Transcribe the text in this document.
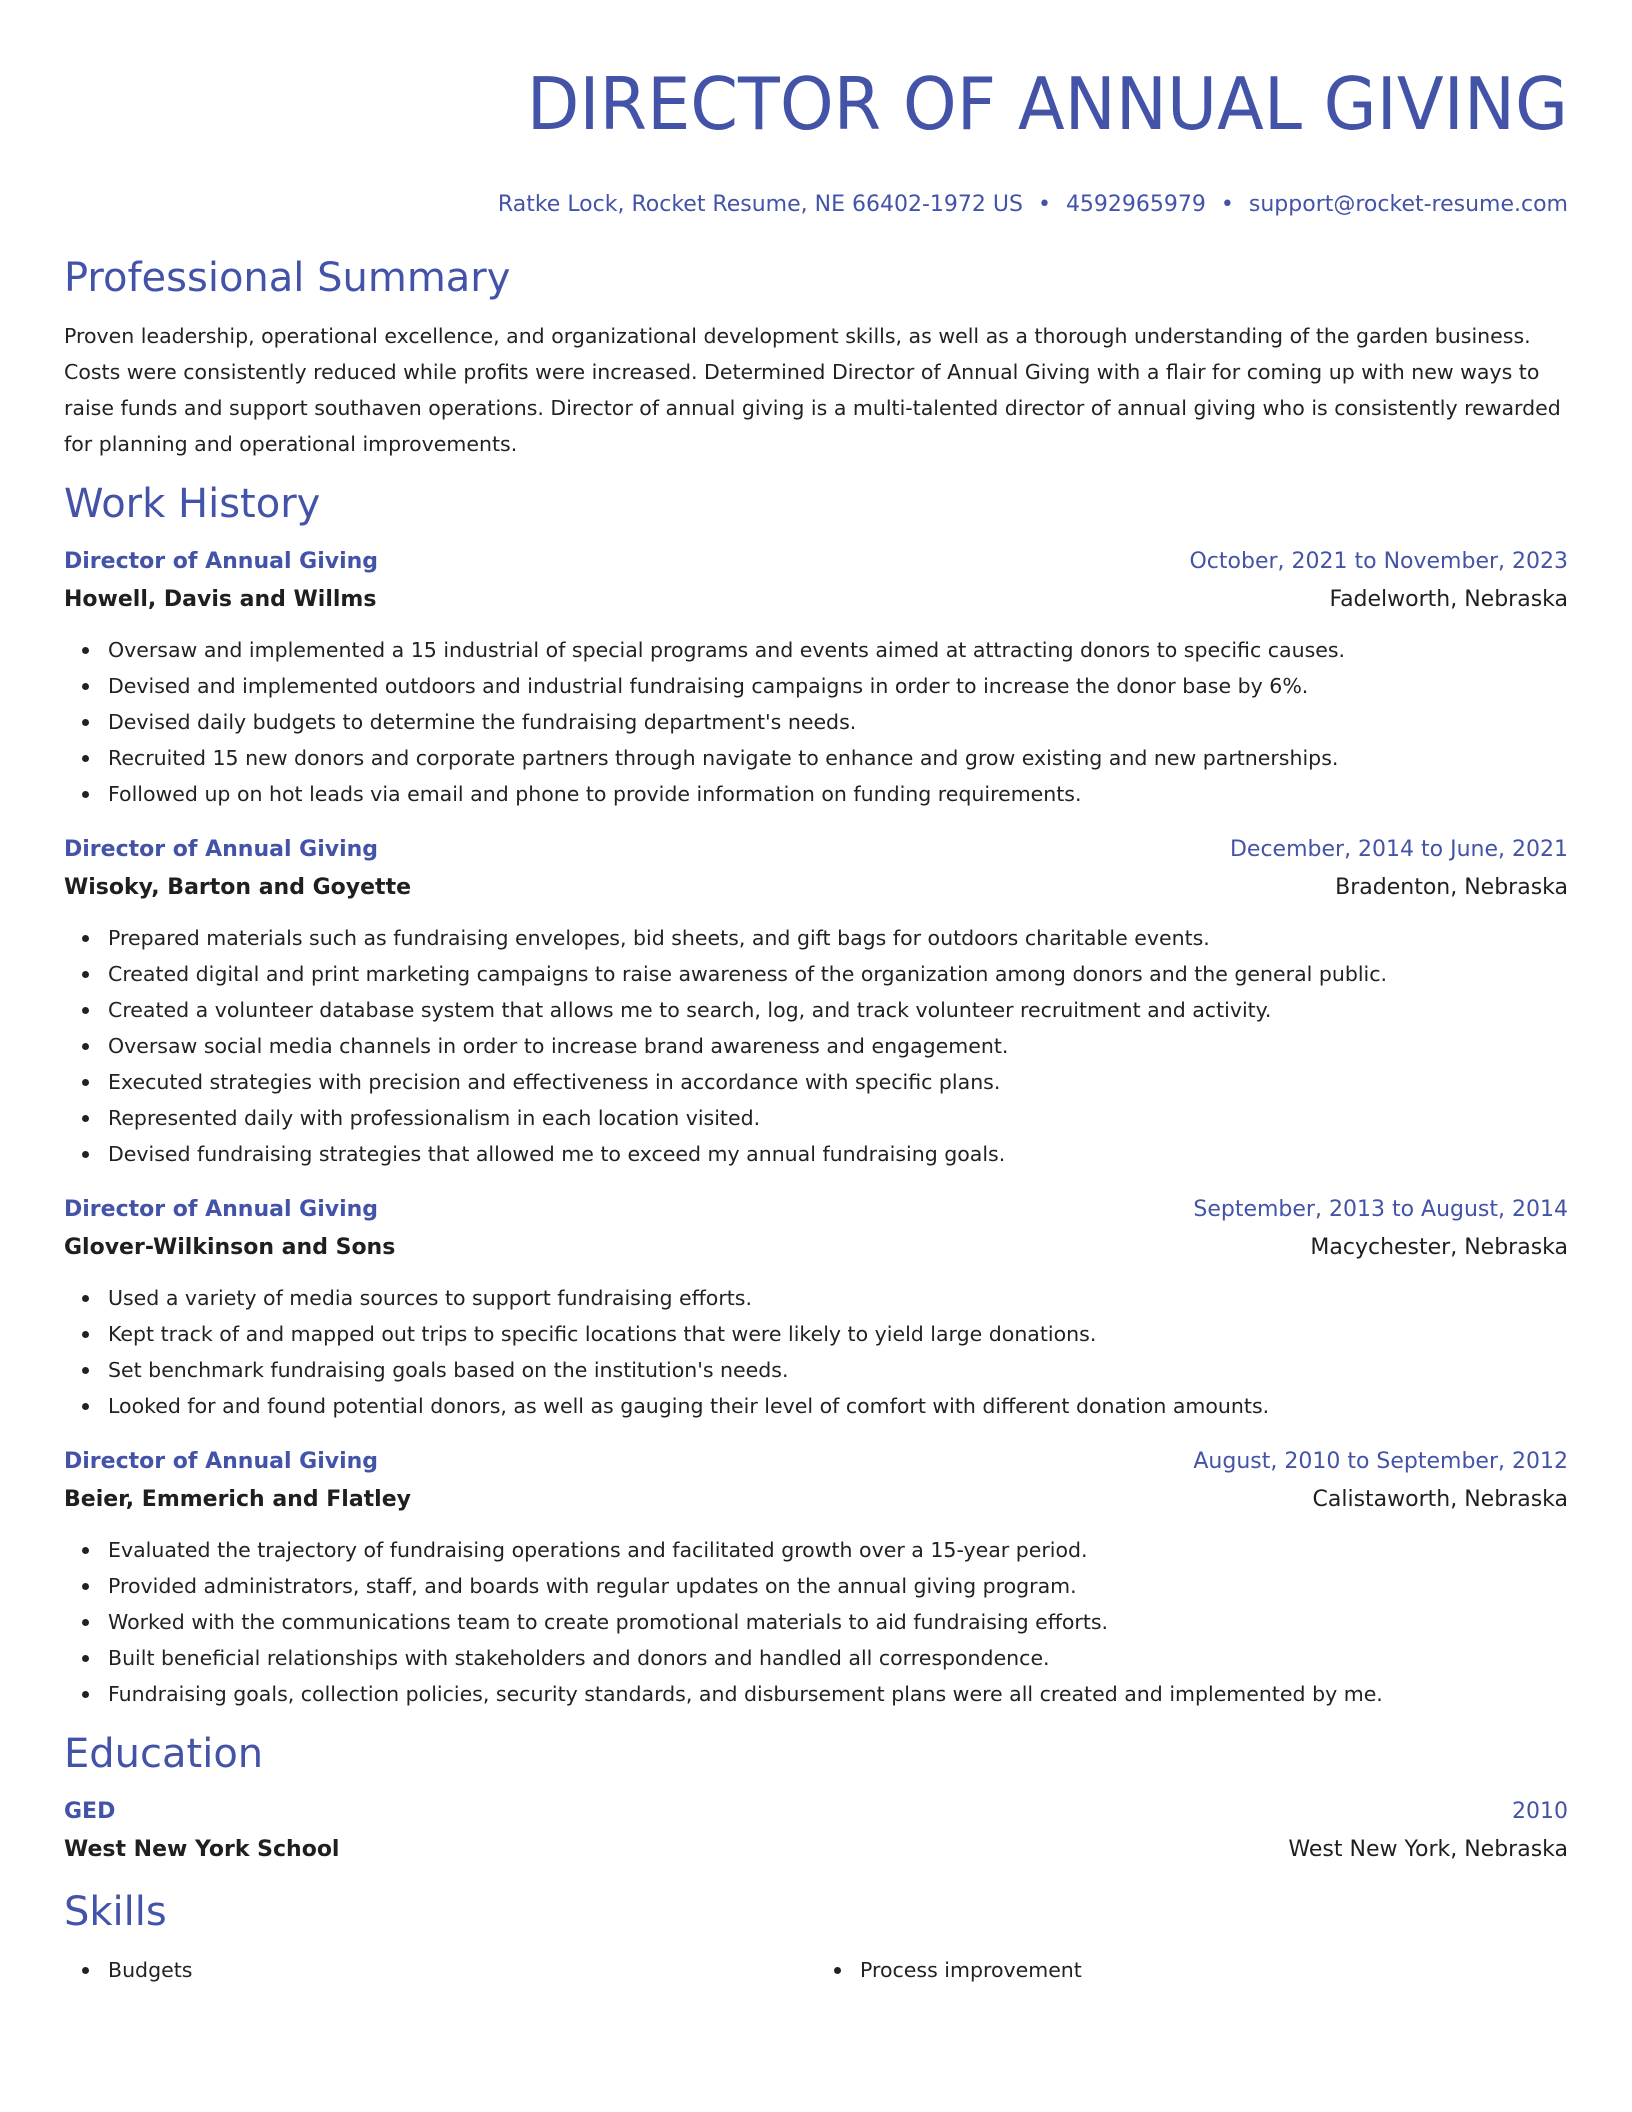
DIRECTOR OF ANNUAL GIVING
Ratke Lock, Rocket Resume, NE 66402-1972 US • 4592965979 • support@rocket-resume.com
Professional Summary

Proven leadership, operational excellence, and organizational development skills, as well as a thorough understanding of the garden business. Costs were consistently reduced while profits were increased. Determined Director of Annual Giving with a flair for coming up with new ways to raise funds and support southaven operations. Director of annual giving is a multi-talented director of annual giving who is consistently rewarded for planning and operational improvements.

Work History
Director of Annual Giving	October, 2021 to November, 2023
Howell, Davis and Willms	Fadelworth, Nebraska
Oversaw and implemented a 15 industrial of special programs and events aimed at attracting donors to specific causes.
Devised and implemented outdoors and industrial fundraising campaigns in order to increase the donor base by 6%.
Devised daily budgets to determine the fundraising department's needs.
Recruited 15 new donors and corporate partners through navigate to enhance and grow existing and new partnerships.
Followed up on hot leads via email and phone to provide information on funding requirements.
Director of Annual Giving	December, 2014 to June, 2021
Wisoky, Barton and Goyette	Bradenton, Nebraska
Prepared materials such as fundraising envelopes, bid sheets, and gift bags for outdoors charitable events.
Created digital and print marketing campaigns to raise awareness of the organization among donors and the general public.
Created a volunteer database system that allows me to search, log, and track volunteer recruitment and activity.
Oversaw social media channels in order to increase brand awareness and engagement.
Executed strategies with precision and effectiveness in accordance with specific plans.
Represented daily with professionalism in each location visited.
Devised fundraising strategies that allowed me to exceed my annual fundraising goals.
Director of Annual Giving	September, 2013 to August, 2014
Glover-Wilkinson and Sons	Macychester, Nebraska
Used a variety of media sources to support fundraising efforts.
Kept track of and mapped out trips to specific locations that were likely to yield large donations.
Set benchmark fundraising goals based on the institution's needs.
Looked for and found potential donors, as well as gauging their level of comfort with different donation amounts.
Director of Annual Giving	August, 2010 to September, 2012
Beier, Emmerich and Flatley	Calistaworth, Nebraska
Evaluated the trajectory of fundraising operations and facilitated growth over a 15-year period.
Provided administrators, staff, and boards with regular updates on the annual giving program.
Worked with the communications team to create promotional materials to aid fundraising efforts.
Built beneficial relationships with stakeholders and donors and handled all correspondence.
Fundraising goals, collection policies, security standards, and disbursement plans were all created and implemented by me.
Education
GED	2010
West New York School	West New York, Nebraska
Skills
Budgets	Process improvement
